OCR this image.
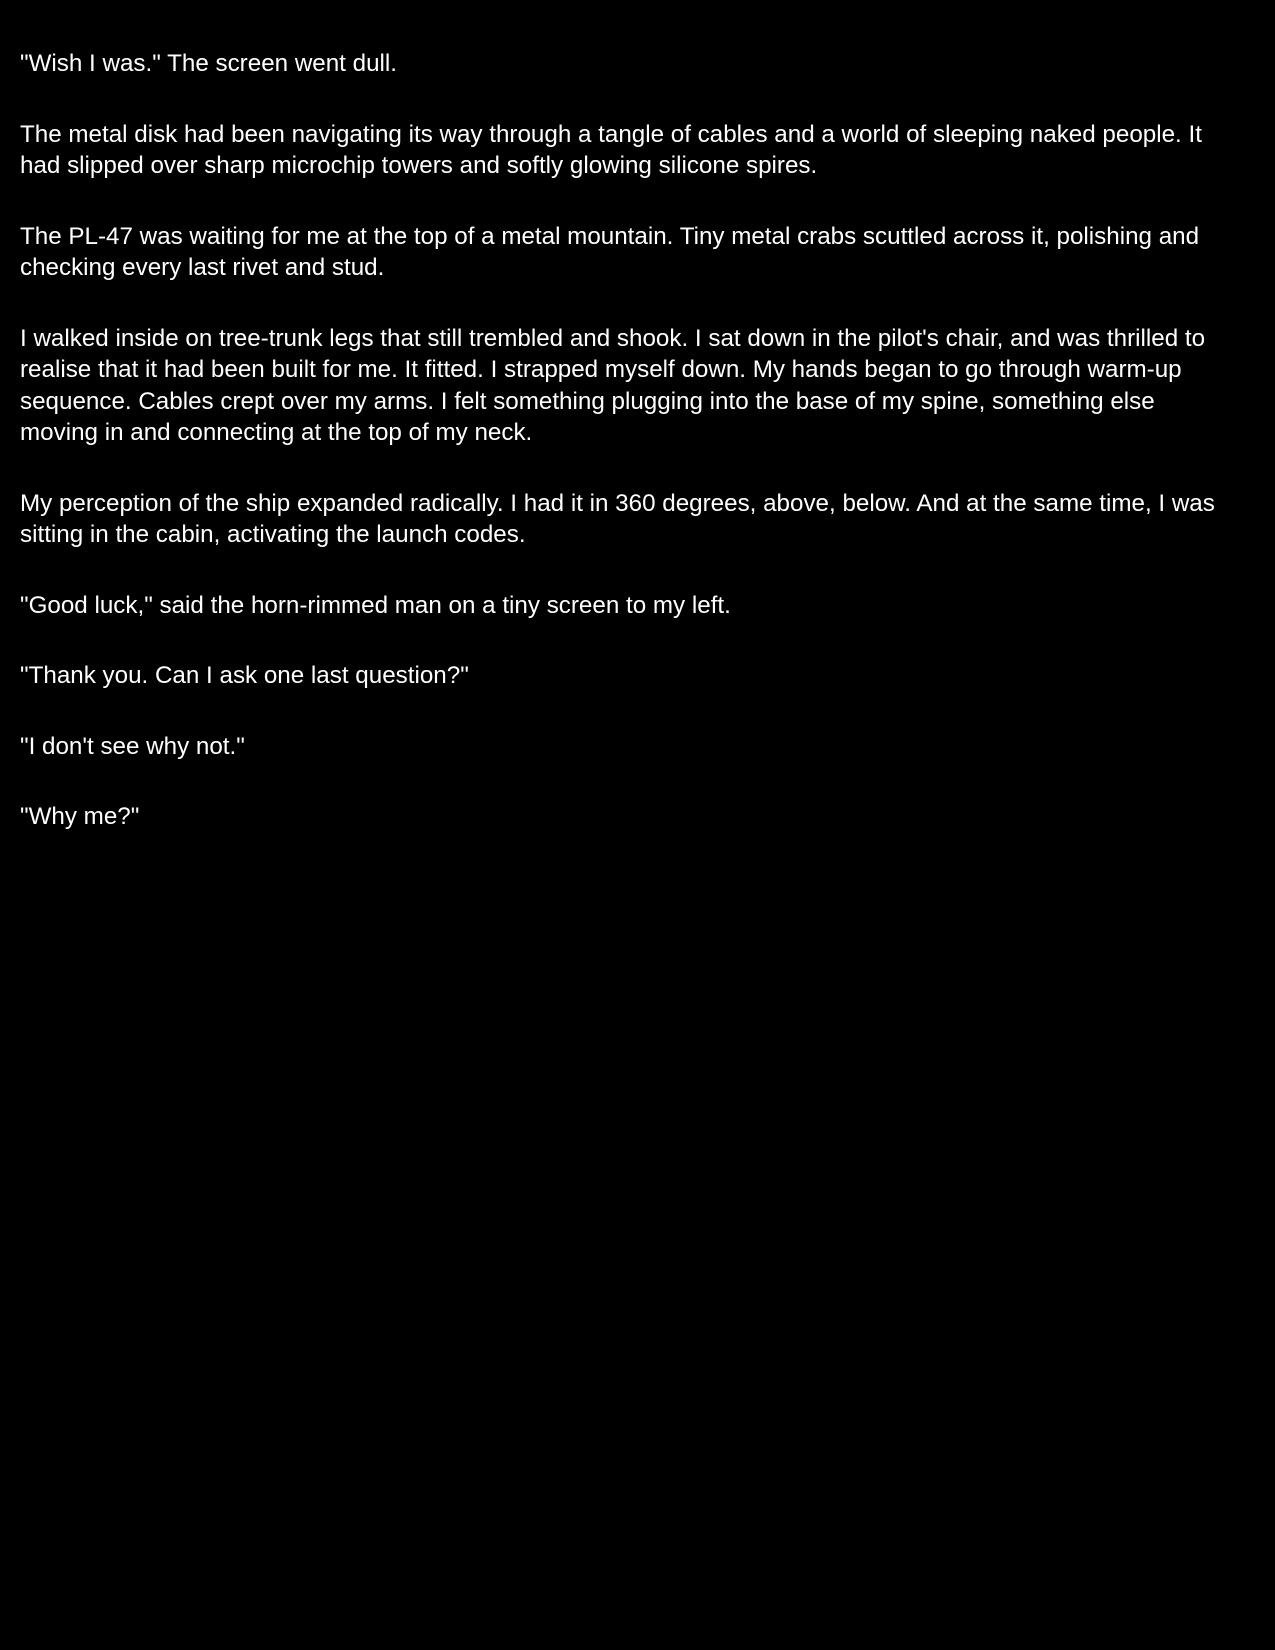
"Wish I was." The screen went dull.

The metal disk had been navigating its way through a tangle of cables and a world of sleeping naked people. It had slipped over sharp microchip towers and softly glowing silicone spires.

The PL-47 was waiting for me at the top of a metal mountain. Tiny metal crabs scuttled across it, polishing and checking every last rivet and stud.

I walked inside on tree-trunk legs that still trembled and shook. I sat down in the pilot's chair, and was thrilled to realise that it had been built for me. It fitted. I strapped myself down. My hands began to go through warm-up sequence. Cables crept over my arms. I felt something plugging into the base of my spine, something else moving in and connecting at the top of my neck.

My perception of the ship expanded radically. I had it in 360 degrees, above, below. And at the same time, I was sitting in the cabin, activating the launch codes.

"Good luck," said the horn-rimmed man on a tiny screen to my left.

"Thank you. Can I ask one last question?"

"I don't see why not."

"Why me?"
